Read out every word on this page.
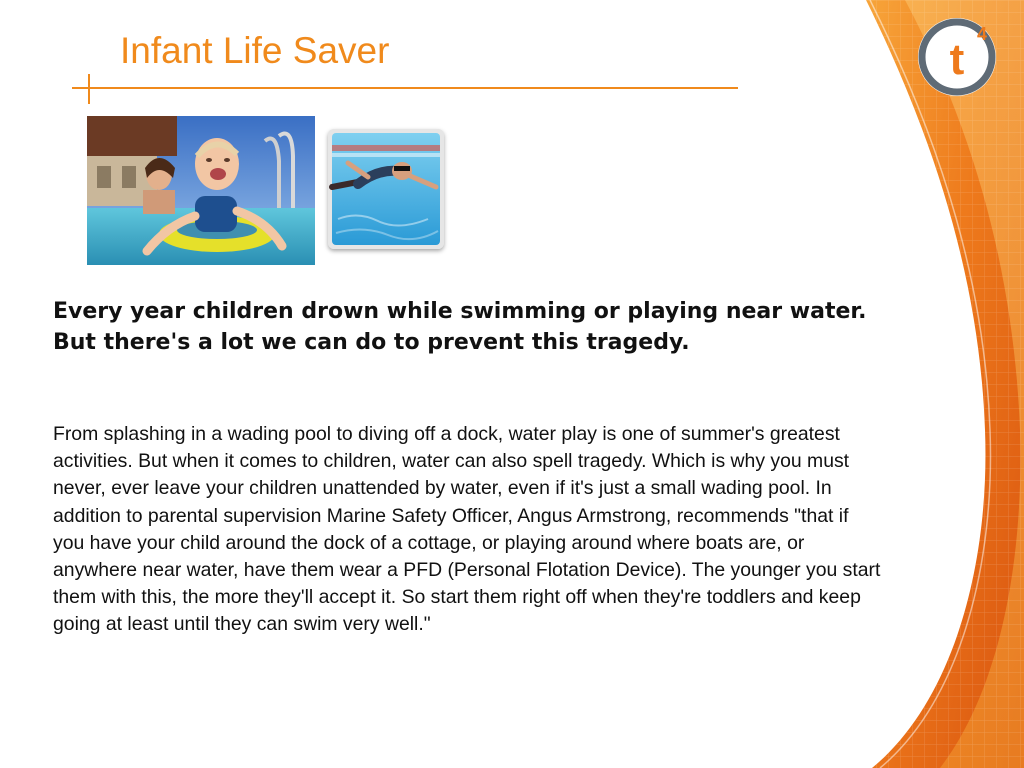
t
4
Infant Life Saver

Every year children drown while swimming or playing near water. But there's a lot we can do to prevent this tragedy.

From splashing in a wading pool to diving off a dock, water play is one of summer's greatest activities. But when it comes to children, water can also spell tragedy. Which is why you must never, ever leave your children unattended by water, even if it's just a small wading pool. In addition to parental supervision Marine Safety Officer, Angus Armstrong, recommends "that if you have your child around the dock of a cottage, or playing around where boats are, or anywhere near water, have them wear a PFD (Personal Flotation Device). The younger you start them with this, the more they'll accept it. So start them right off when they're toddlers and keep going at least until they can swim very well."
